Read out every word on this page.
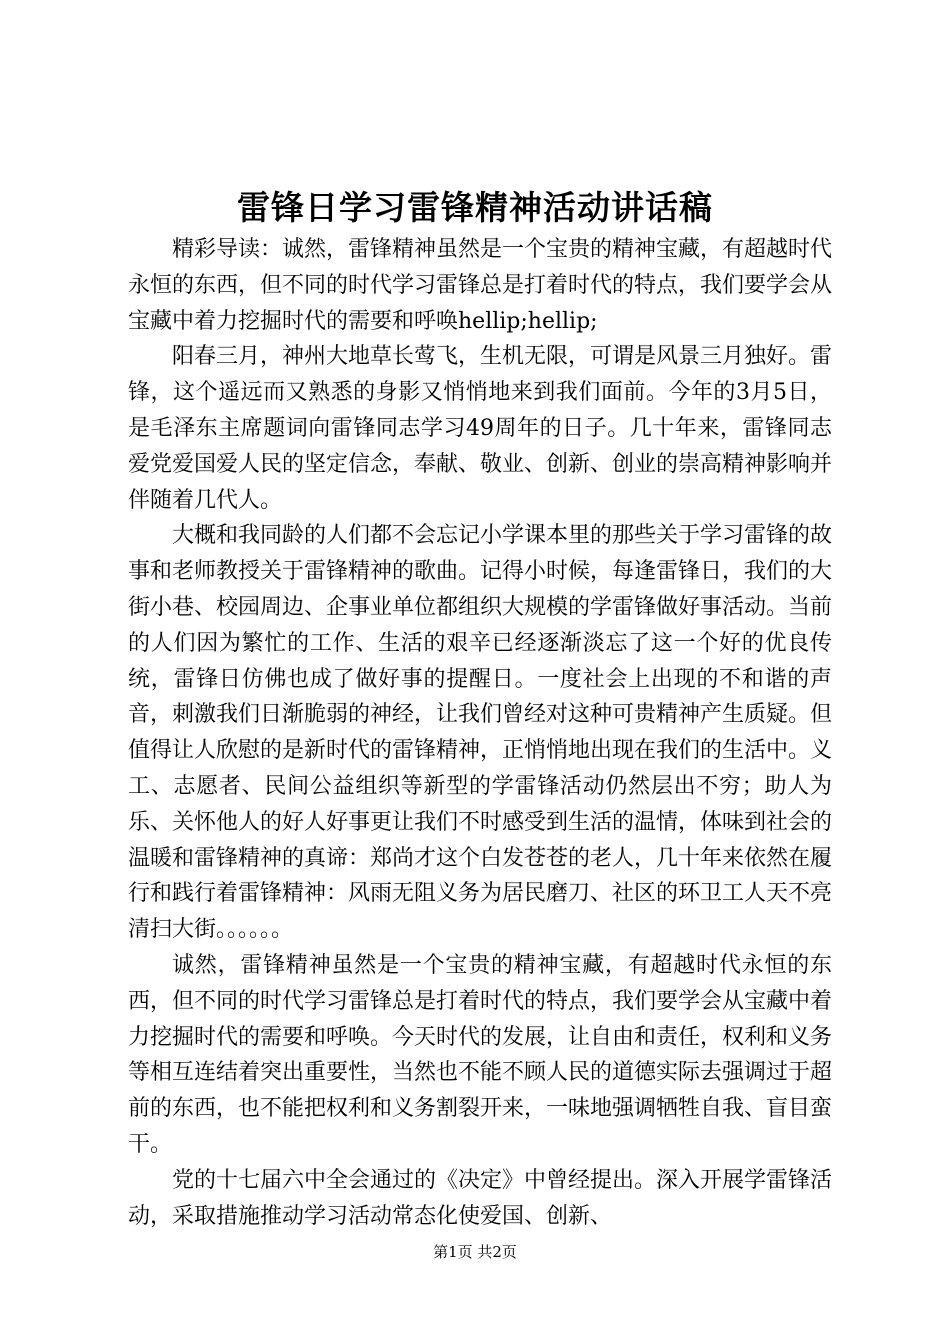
雷锋日学习雷锋精神活动讲话稿

精彩导读：诚然，雷锋精神虽然是一个宝贵的精神宝藏，有超越时代永恒的东西，但不同的时代学习雷锋总是打着时代的特点，我们要学会从宝藏中着力挖掘时代的需要和呼唤hellip;hellip;

阳春三月，神州大地草长莺飞，生机无限，可谓是风景三月独好。雷锋，这个遥远而又熟悉的身影又悄悄地来到我们面前。今年的3月5日，是毛泽东主席题词向雷锋同志学习49周年的日子。几十年来，雷锋同志爱党爱国爱人民的坚定信念，奉献、敬业、创新、创业的崇高精神影响并伴随着几代人。

大概和我同龄的人们都不会忘记小学课本里的那些关于学习雷锋的故事和老师教授关于雷锋精神的歌曲。记得小时候，每逢雷锋日，我们的大街小巷、校园周边、企事业单位都组织大规模的学雷锋做好事活动。当前的人们因为繁忙的工作、生活的艰辛已经逐渐淡忘了这一个好的优良传统，雷锋日仿佛也成了做好事的提醒日。一度社会上出现的不和谐的声音，刺激我们日渐脆弱的神经，让我们曾经对这种可贵精神产生质疑。但值得让人欣慰的是新时代的雷锋精神，正悄悄地出现在我们的生活中。义工、志愿者、民间公益组织等新型的学雷锋活动仍然层出不穷；助人为乐、关怀他人的好人好事更让我们不时感受到生活的温情，体味到社会的温暖和雷锋精神的真谛：郑尚才这个白发苍苍的老人，几十年来依然在履行和践行着雷锋精神：风雨无阻义务为居民磨刀、社区的环卫工人天不亮清扫大街。。。。。。

诚然，雷锋精神虽然是一个宝贵的精神宝藏，有超越时代永恒的东西，但不同的时代学习雷锋总是打着时代的特点，我们要学会从宝藏中着力挖掘时代的需要和呼唤。今天时代的发展，让自由和责任，权利和义务等相互连结着突出重要性，当然也不能不顾人民的道德实际去强调过于超前的东西，也不能把权利和义务割裂开来，一味地强调牺牲自我、盲目蛮干。

党的十七届六中全会通过的《决定》中曾经提出。深入开展学雷锋活动，采取措施推动学习活动常态化使爱国、创新、

第1页 共2页
